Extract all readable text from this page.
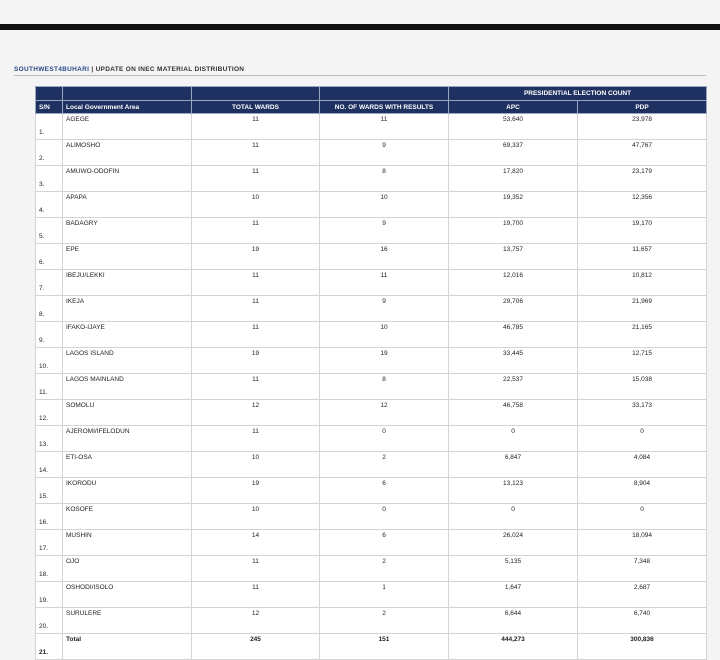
SOUTHWEST4BUHARI | UPDATE ON INEC MATERIAL DISTRIBUTION
				PRESIDENTIAL ELECTION COUNT	
S/N	Local Government Area	TOTAL WARDS	NO. OF WARDS WITH RESULTS	APC	PDP
1.	AGEGE	11	11	53,640	23,978
2.	ALIMOSHO	11	9	69,337	47,767
3.	AMUWO-ODOFIN	11	8	17,820	23,179
4.	APAPA	10	10	19,352	12,356
5.	BADAGRY	11	9	19,700	19,170
6.	EPE	19	16	13,757	11,657
7.	IBEJU/LEKKI	11	11	12,016	10,812
8.	IKEJA	11	9	29,706	21,969
9.	IFAKO-IJAYE	11	10	46,785	21,165
10.	LAGOS ISLAND	19	19	33,445	12,715
11.	LAGOS MAINLAND	11	8	22,537	15,038
12.	SOMOLU	12	12	46,758	33,173
13.	AJEROMI/IFELODUN	11	0	0	0
14.	ETI-OSA	10	2	6,847	4,084
15.	IKORODU	19	6	13,123	8,904
16.	KOSOFE	10	0	0	0
17.	MUSHIN	14	6	26,024	18,094
18.	OJO	11	2	5,135	7,348
19.	OSHODI/ISOLO	11	1	1,647	2,687
20.	SURULERE	12	2	6,644	6,740
21.	Total	245	151	444,273	300,836
